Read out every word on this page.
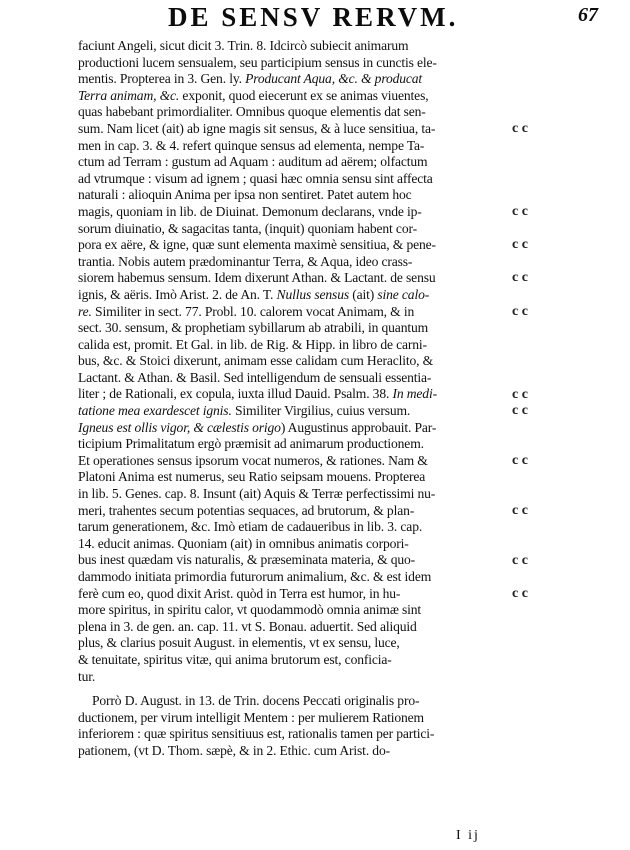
DE SENSV RERVM.	67
faciunt Angeli, sicut dicit 3. Trin. 8. Idcircò subiecit animarum
productioni lucem sensualem, seu participium sensus in cunctis ele-
mentis. Propterea in 3. Gen. ly. Producant Aqua, &c. & producat
Terra animam, &c. exponit, quod eiecerunt ex se animas viuentes,
quas habebant primordialiter. Omnibus quoque elementis dat sen-
sum. Nam licet (ait) ab igne magis sit sensus, & à luce sensitiua, ta-
men in cap. 3. & 4. refert quinque sensus ad elementa, nempe Ta-
ctum ad Terram : gustum ad Aquam : auditum ad aërem; olfactum
ad vtrumque : visum ad ignem ; quasi hæc omnia sensu sint affecta
naturali : alioquin Anima per ipsa non sentiret. Patet autem hoc
magis, quoniam in lib. de Diuinat. Demonum declarans, vnde ip-
sorum diuinatio, & sagacitas tanta, (inquit) quoniam habent cor-
pora ex aëre, & igne, quæ sunt elementa maximè sensitiua, & pene-
trantia. Nobis autem prædominantur Terra, & Aqua, ideo crass-
siorem habemus sensum. Idem dixerunt Athan. & Lactant. de sensu
ignis, & aëris. Imò Arist. 2. de An. T. Nullus sensus (ait) sine calo-
re. Similiter in sect. 77. Probl. 10. calorem vocat Animam, & in
sect. 30. sensum, & prophetiam sybillarum ab atrabili, in quantum
calida est, promit. Et Gal. in lib. de Rig. & Hipp. in libro de carni-
bus, &c. & Stoici dixerunt, animam esse calidam cum Heraclito, &
Lactant. & Athan. & Basil. Sed intelligendum de sensuali essentia-
liter ; de Rationali, ex copula, iuxta illud Dauid. Psalm. 38. In medi-
tatione mea exardescet ignis. Similiter Virgilius, cuius versum.
Igneus est ollis vigor, & cælestis origo) Augustinus approbauit. Par-
ticipium Primalitatum ergò præmisit ad animarum productionem.
Et operationes sensus ipsorum vocat numeros, & rationes. Nam &
Platoni Anima est numerus, seu Ratio seipsam mouens. Propterea
in lib. 5. Genes. cap. 8. Insunt (ait) Aquis & Terræ perfectissimi nu-
meri, trahentes secum potentias sequaces, ad brutorum, & plan-
tarum generationem, &c. Imò etiam de cadaueribus in lib. 3. cap.
14. educit animas. Quoniam (ait) in omnibus animatis corpori-
bus inest quædam vis naturalis, & præseminata materia, & quo-
dammodo initiata primordia futurorum animalium, &c. & est idem
ferè cum eo, quod dixit Arist. quòd in Terra est humor, in hu-
more spiritus, in spiritu calor, vt quodammodò omnia animæ sint
plena in 3. de gen. an. cap. 11. vt S. Bonau. aduertit. Sed aliquid
plus, & clarius posuit August. in elementis, vt ex sensu, luce,
& tenuitate, spiritus vitæ, qui anima brutorum est, conficia-
tur.
Porrò D. August. in 13. de Trin. docens Peccati originalis pro-
ductionem, per virum intelligit Mentem : per mulierem Rationem
inferiorem : quæ spiritus sensitiuus est, rationalis tamen per partici-
pationem, (vt D. Thom. sæpè, & in 2. Ethic. cum Arist. do-
c c
c c
c c
c c
c c
c c
c c
c c
c c
c c
c c
I ij
